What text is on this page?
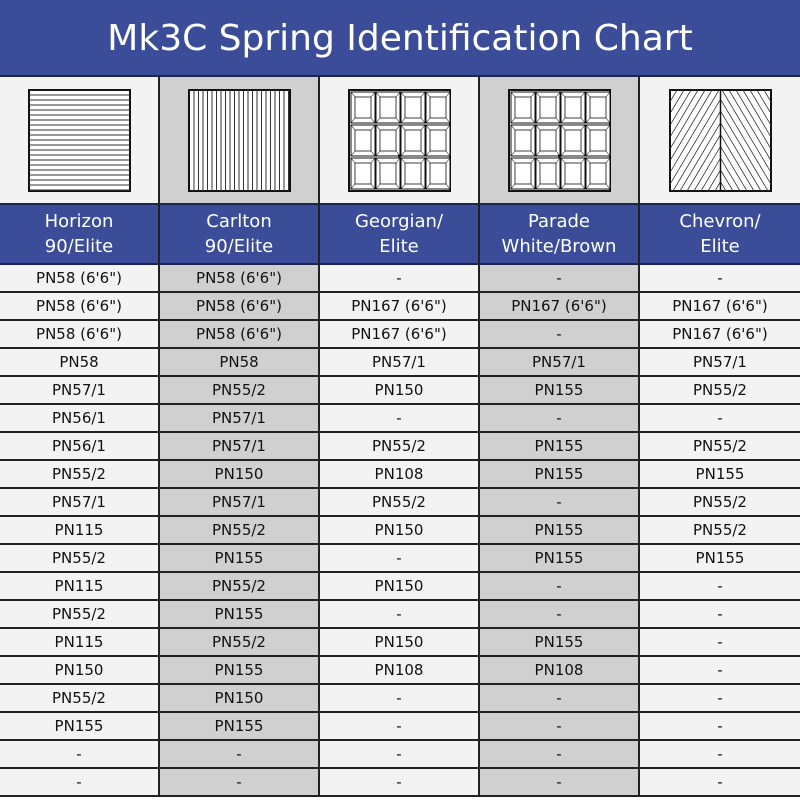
Mk3C Spring Identification Chart
Horizon
90/Elite
PN58 (6'6")
PN58 (6'6")
PN58 (6'6")
PN58
PN57/1
PN56/1
PN56/1
PN55/2
PN57/1
PN115
PN55/2
PN115
PN55/2
PN115
PN150
PN55/2
PN155
-
-
Carlton
90/Elite
PN58 (6'6")
PN58 (6'6")
PN58 (6'6")
PN58
PN55/2
PN57/1
PN57/1
PN150
PN57/1
PN55/2
PN155
PN55/2
PN155
PN55/2
PN155
PN150
PN155
-
-
Georgian/
Elite
-
PN167 (6'6")
PN167 (6'6")
PN57/1
PN150
-
PN55/2
PN108
PN55/2
PN150
-
PN150
-
PN150
PN108
-
-
-
-
Parade
White/Brown
-
PN167 (6'6")
-
PN57/1
PN155
-
PN155
PN155
-
PN155
PN155
-
-
PN155
PN108
-
-
-
-
Chevron/
Elite
-
PN167 (6'6")
PN167 (6'6")
PN57/1
PN55/2
-
PN55/2
PN155
PN55/2
PN55/2
PN155
-
-
-
-
-
-
-
-
